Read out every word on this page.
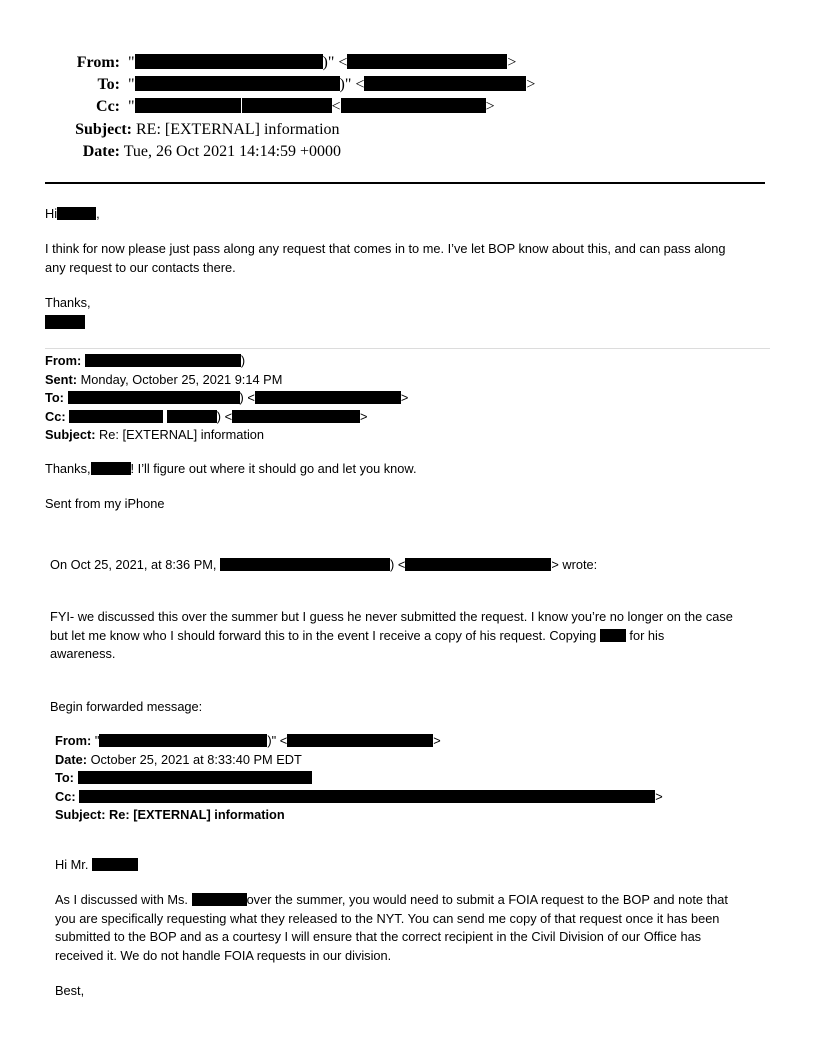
From:  "	)" <	>
To:  "	)" <	>
Cc:  "	<	>
Subject: RE: [EXTERNAL] information
Date: Tue, 26 Oct 2021 14:14:59 +0000
Hi	,
I think for now please just pass along any request that comes in to me. I’ve let BOP know about this, and can pass along
any request to our contacts there.
Thanks,
From:	)
Sent: Monday, October 25, 2021 9:14 PM
To:	) <	>
Cc:	) <	>
Subject: Re: [EXTERNAL] information
Thanks,	! I’ll figure out where it should go and let you know.
Sent from my iPhone
On Oct 25, 2021, at 8:36 PM,	) <	> wrote:
FYI- we discussed this over the summer but I guess he never submitted the request. I know you’re no longer on the case
but let me know who I should forward this to in the event I receive a copy of his request. Copying	for his
awareness.
Begin forwarded message:
From: "	)" <	>
Date: October 25, 2021 at 8:33:40 PM EDT
To:
Cc:	>
Subject: Re: [EXTERNAL] information
Hi Mr.
As I discussed with Ms.	over the summer, you would need to submit a FOIA request to the BOP and note that
you are specifically requesting what they released to the NYT. You can send me copy of that request once it has been
submitted to the BOP and as a courtesy I will ensure that the correct recipient in the Civil Division of our Office has
received it. We do not handle FOIA requests in our division.
Best,
